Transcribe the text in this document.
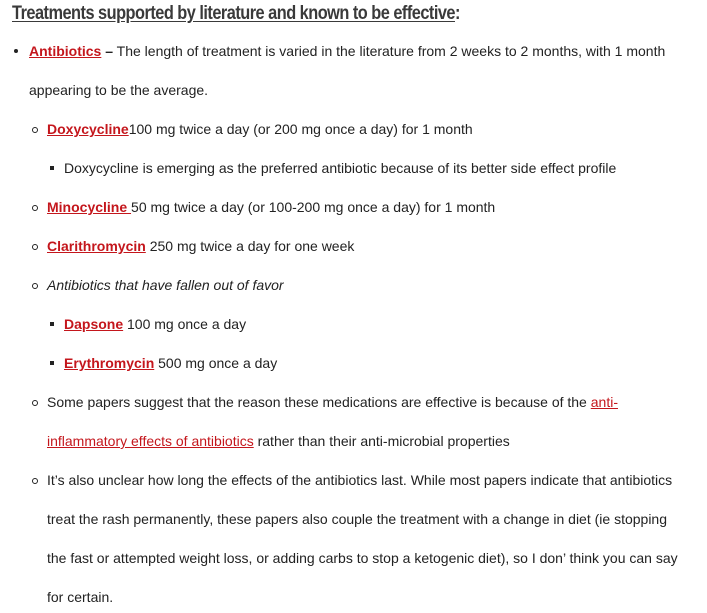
Treatments supported by literature and known to be effective:
Antibiotics – The length of treatment is varied in the literature from 2 weeks to 2 months, with 1 month
appearing to be the average.
Doxycycline100 mg twice a day (or 200 mg once a day) for 1 month
Doxycycline is emerging as the preferred antibiotic because of its better side effect profile
Minocycline 50 mg twice a day (or 100-200 mg once a day) for 1 month
Clarithromycin 250 mg twice a day for one week
Antibiotics that have fallen out of favor
Dapsone 100 mg once a day
Erythromycin 500 mg once a day
Some papers suggest that the reason these medications are effective is because of the anti-
inflammatory effects of antibiotics rather than their anti-microbial properties
It’s also unclear how long the effects of the antibiotics last. While most papers indicate that antibiotics
treat the rash permanently, these papers also couple the treatment with a change in diet (ie stopping
the fast or attempted weight loss, or adding carbs to stop a ketogenic diet), so I don’ think you can say
for certain.
